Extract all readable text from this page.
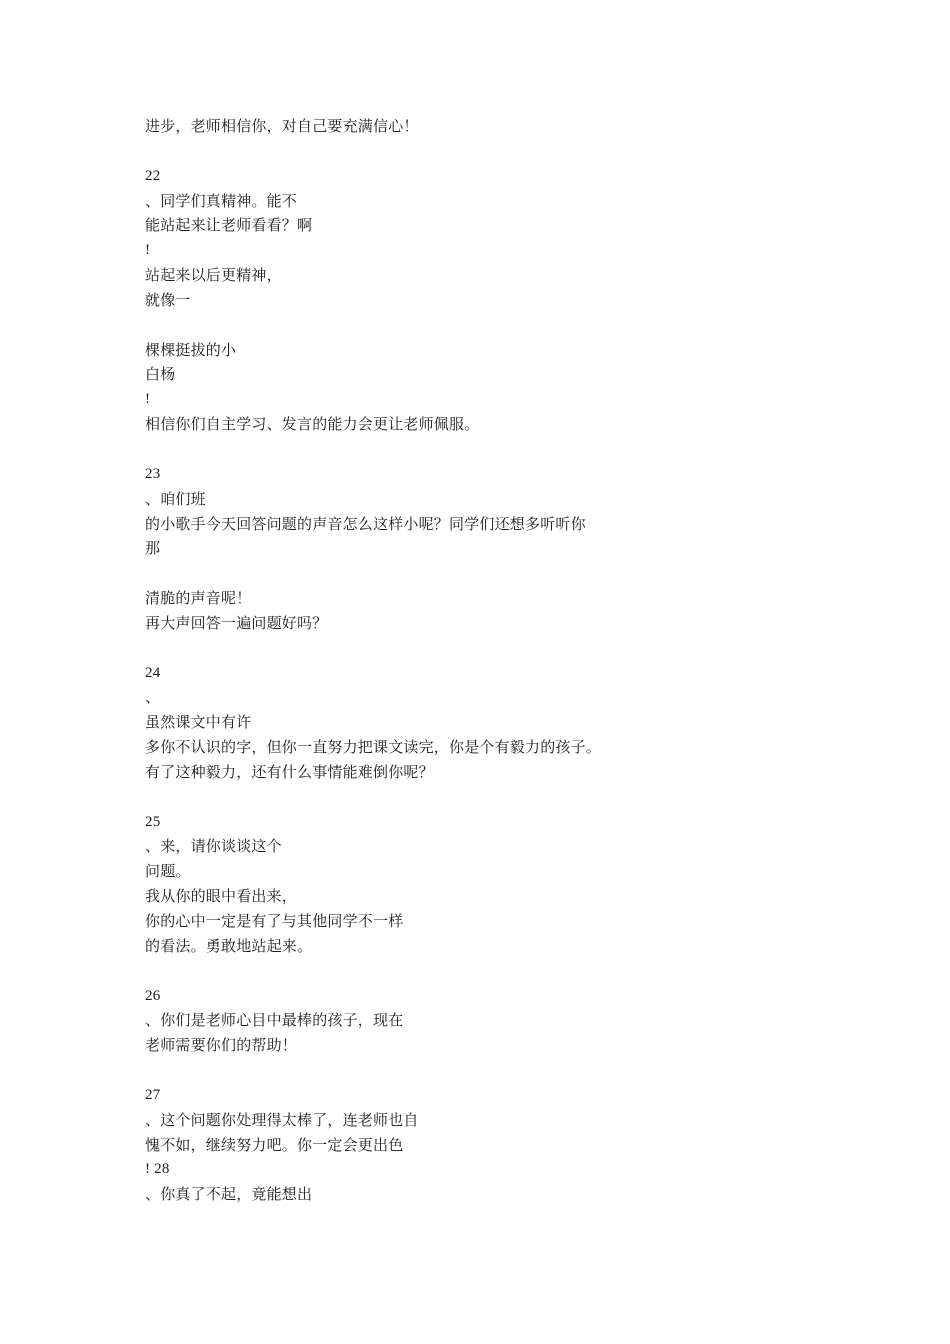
进步，老师相信你，对自己要充满信心！
22
、同学们真精神。能不
能站起来让老师看看？啊
!
站起来以后更精神，
就像一
棵棵挺拔的小
白杨
!
相信你们自主学习、发言的能力会更让老师佩服。
23
、咱们班
的小歌手今天回答问题的声音怎么这样小呢？同学们还想多听听你
那
清脆的声音呢！
再大声回答一遍问题好吗？
24
、
虽然课文中有许
多你不认识的字，但你一直努力把课文读完，你是个有毅力的孩子。
有了这种毅力，还有什么事情能难倒你呢？
25
、来，请你谈谈这个
问题。
我从你的眼中看出来，
你的心中一定是有了与其他同学不一样
的看法。勇敢地站起来。
26
、你们是老师心目中最棒的孩子，现在
老师需要你们的帮助！
27
、这个问题你处理得太棒了，连老师也自
愧不如，继续努力吧。你一定会更出色
! 28
、你真了不起，竟能想出
